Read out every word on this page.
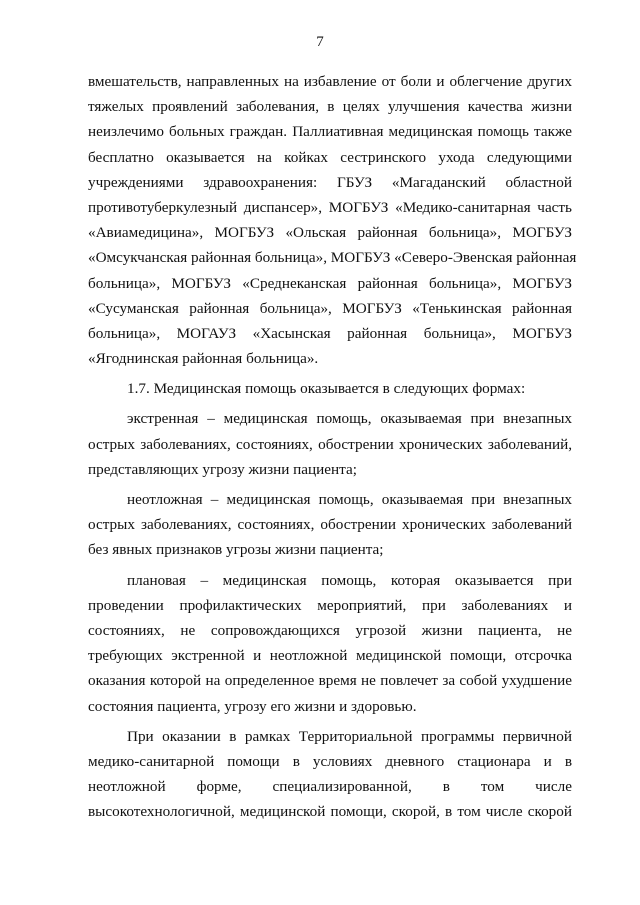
7
вмешательств, направленных на избавление от боли и облегчение других
тяжелых проявлений заболевания, в целях улучшения качества жизни
неизлечимо больных граждан. Паллиативная медицинская помощь также
бесплатно оказывается на койках сестринского ухода следующими
учреждениями здравоохранения: ГБУЗ «Магаданский областной
противотуберкулезный диспансер», МОГБУЗ «Медико-санитарная часть
«Авиамедицина», МОГБУЗ «Ольская районная больница», МОГБУЗ
«Омсукчанская районная больница», МОГБУЗ «Северо-Эвенская районная
больница», МОГБУЗ «Среднеканская районная больница», МОГБУЗ
«Сусуманская районная больница», МОГБУЗ «Тенькинская районная
больница», МОГАУЗ «Хасынская районная больница», МОГБУЗ
«Ягоднинская районная больница».
1.7. Медицинская помощь оказывается в следующих формах:
экстренная – медицинская помощь, оказываемая при внезапных
острых заболеваниях, состояниях, обострении хронических заболеваний,
представляющих угрозу жизни пациента;
неотложная – медицинская помощь, оказываемая при внезапных
острых заболеваниях, состояниях, обострении хронических заболеваний
без явных признаков угрозы жизни пациента;
плановая – медицинская помощь, которая оказывается при
проведении профилактических мероприятий, при заболеваниях и
состояниях, не сопровождающихся угрозой жизни пациента, не
требующих экстренной и неотложной медицинской помощи, отсрочка
оказания которой на определенное время не повлечет за собой ухудшение
состояния пациента, угрозу его жизни и здоровью.
При оказании в рамках Территориальной программы первичной
медико-санитарной помощи в условиях дневного стационара и в
неотложной форме, специализированной, в том числе
высокотехнологичной, медицинской помощи, скорой, в том числе скорой
